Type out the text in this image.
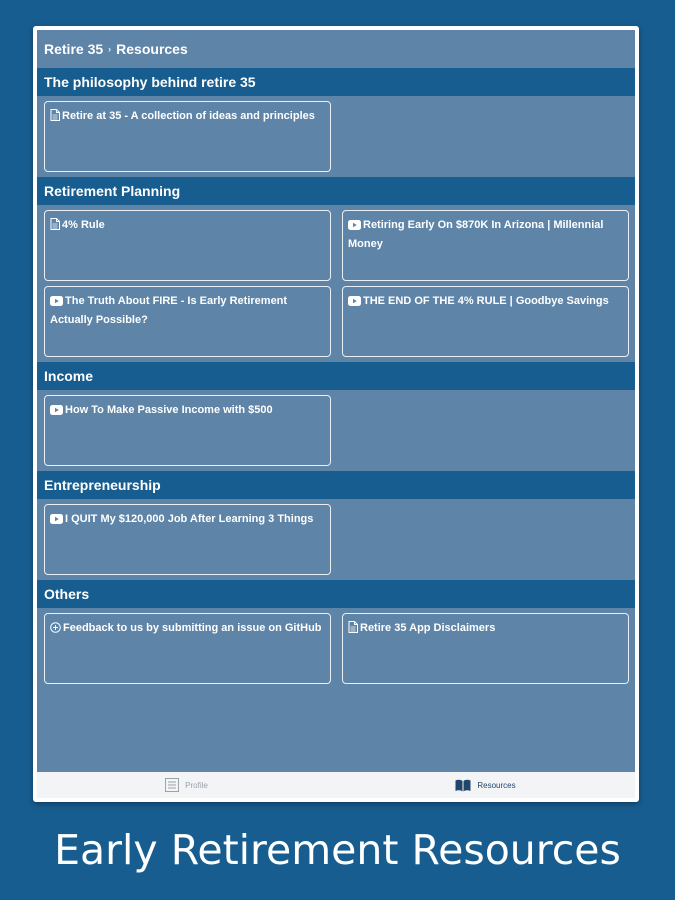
Retire 35 › Resources
The philosophy behind retire 35
Retire at 35 - A collection of ideas and principles
Retirement Planning
4% Rule	Retiring Early On $870K In Arizona | Millennial Money
The Truth About FIRE - Is Early Retirement Actually Possible?
THE END OF THE 4% RULE | Goodbye Savings
Income
How To Make Passive Income with $500
Entrepreneurship
I QUIT My $120,000 Job After Learning 3 Things
Others
Feedback to us by submitting an issue on GitHub	Retire 35 App Disclaimers
Profile	Resources
Early Retirement Resources
